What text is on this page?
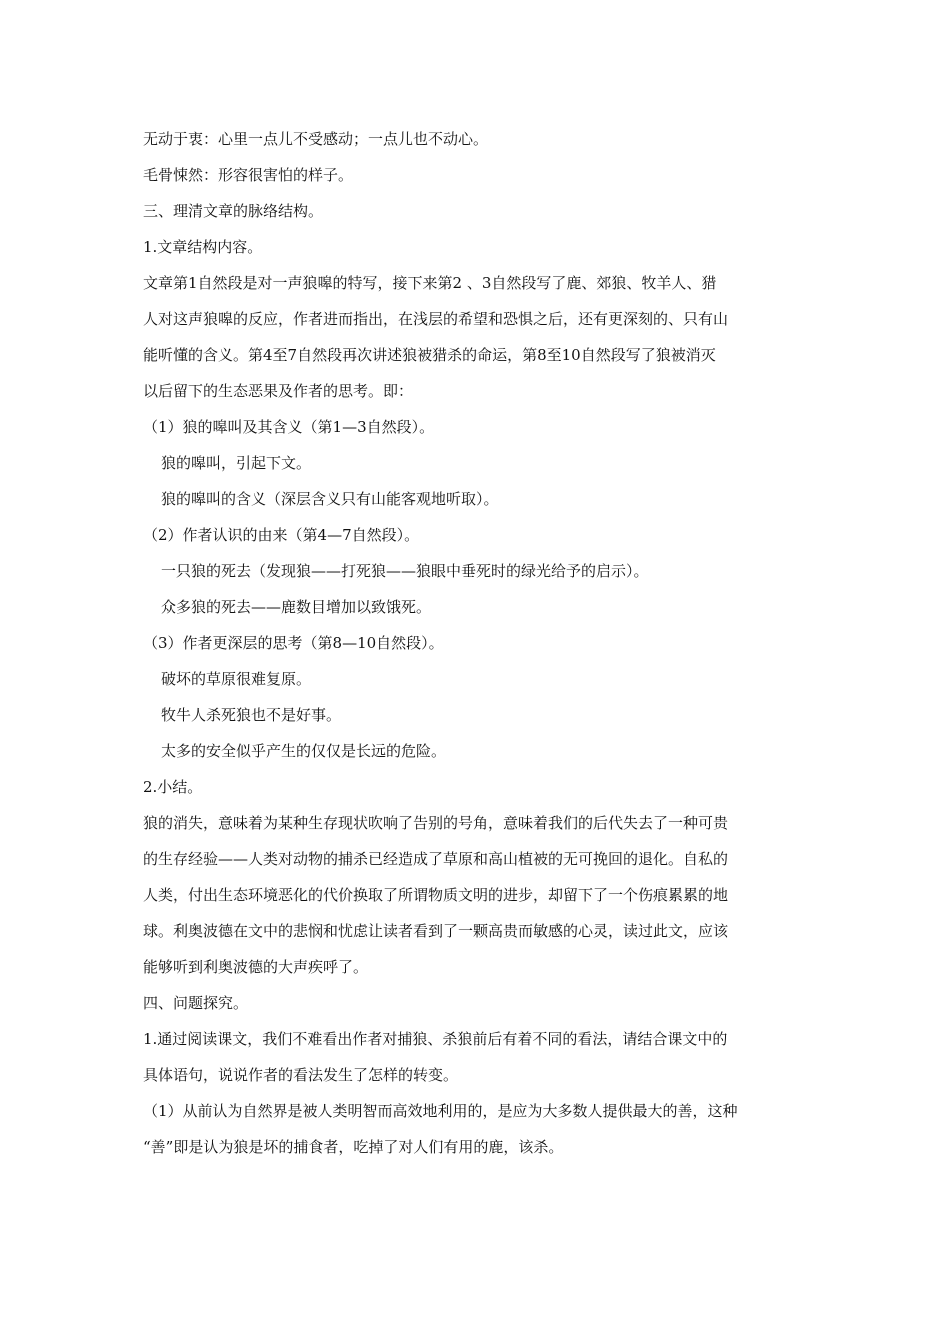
无动于衷：心里一点儿不受感动；一点儿也不动心。
毛骨悚然：形容很害怕的样子。
三、理清文章的脉络结构。
1.文章结构内容。
文章第1自然段是对一声狼嗥的特写，接下来第2 、3自然段写了鹿、郊狼、牧羊人、猎
人对这声狼嗥的反应，作者进而指出，在浅层的希望和恐惧之后，还有更深刻的、只有山
能听懂的含义。第4至7自然段再次讲述狼被猎杀的命运，第8至10自然段写了狼被消灭
以后留下的生态恶果及作者的思考。即：
（1）狼的嗥叫及其含义（第1—3自然段）。
狼的嗥叫，引起下文。
狼的嗥叫的含义（深层含义只有山能客观地听取）。
（2）作者认识的由来（第4—7自然段）。
一只狼的死去（发现狼——打死狼——狼眼中垂死时的绿光给予的启示）。
众多狼的死去——鹿数目增加以致饿死。
（3）作者更深层的思考（第8—10自然段）。
破坏的草原很难复原。
牧牛人杀死狼也不是好事。
太多的安全似乎产生的仅仅是长远的危险。
2.小结。
狼的消失，意味着为某种生存现状吹响了告别的号角，意味着我们的后代失去了一种可贵
的生存经验——人类对动物的捕杀已经造成了草原和高山植被的无可挽回的退化。自私的
人类，付出生态环境恶化的代价换取了所谓物质文明的进步，却留下了一个伤痕累累的地
球。利奥波德在文中的悲悯和忧虑让读者看到了一颗高贵而敏感的心灵，读过此文，应该
能够听到利奥波德的大声疾呼了。
四、问题探究。
1.通过阅读课文，我们不难看出作者对捕狼、杀狼前后有着不同的看法，请结合课文中的
具体语句，说说作者的看法发生了怎样的转变。
（1）从前认为自然界是被人类明智而高效地利用的，是应为大多数人提供最大的善，这种
“善”即是认为狼是坏的捕食者，吃掉了对人们有用的鹿，该杀。
